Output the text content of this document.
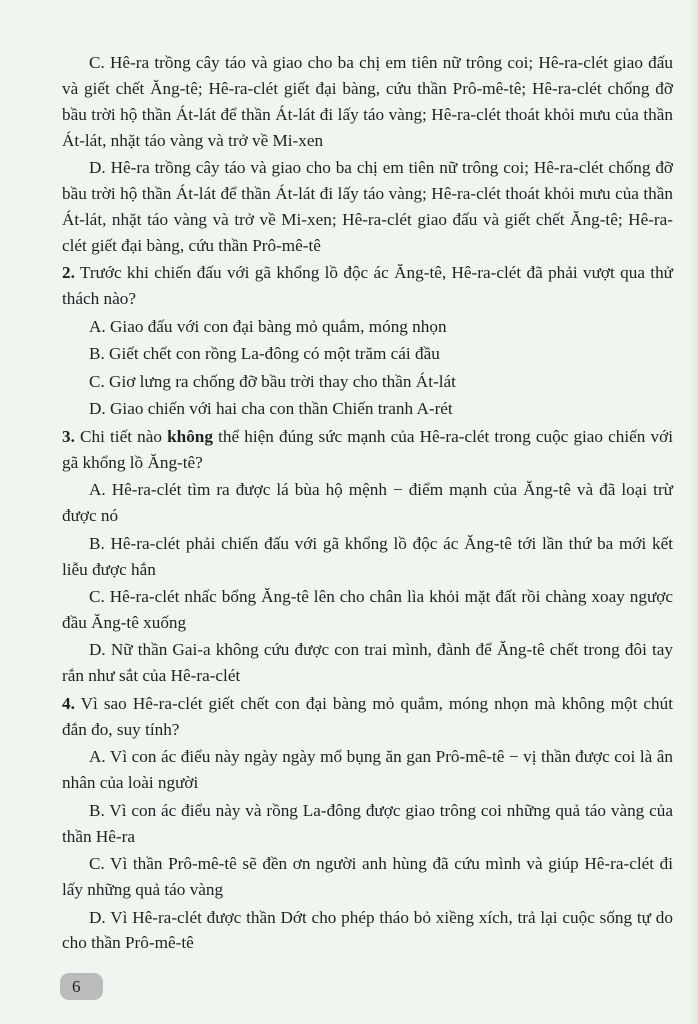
C. Hê-ra trồng cây táo và giao cho ba chị em tiên nữ trông coi; Hê-ra-clét giao đấu và giết chết Ăng-tê; Hê-ra-clét giết đại bàng, cứu thần Prô-mê-tê; Hê-ra-clét chống đỡ bầu trời hộ thần Át-lát để thần Át-lát đi lấy táo vàng; Hê-ra-clét thoát khỏi mưu của thần Át-lát, nhặt táo vàng và trở về Mi-xen

D. Hê-ra trồng cây táo và giao cho ba chị em tiên nữ trông coi; Hê-ra-clét chống đỡ bầu trời hộ thần Át-lát để thần Át-lát đi lấy táo vàng; Hê-ra-clét thoát khỏi mưu của thần Át-lát, nhặt táo vàng và trở về Mi-xen; Hê-ra-clét giao đấu và giết chết Ăng-tê; Hê-ra-clét giết đại bàng, cứu thần Prô-mê-tê

2. Trước khi chiến đấu với gã khổng lồ độc ác Ăng-tê, Hê-ra-clét đã phải vượt qua thử thách nào?

A. Giao đấu với con đại bàng mỏ quắm, móng nhọn

B. Giết chết con rồng La-đông có một trăm cái đầu

C. Giơ lưng ra chống đỡ bầu trời thay cho thần Át-lát

D. Giao chiến với hai cha con thần Chiến tranh A-rét

3. Chi tiết nào không thể hiện đúng sức mạnh của Hê-ra-clét trong cuộc giao chiến với gã khổng lồ Ăng-tê?

A. Hê-ra-clét tìm ra được lá bùa hộ mệnh − điểm mạnh của Ăng-tê và đã loại trừ được nó

B. Hê-ra-clét phải chiến đấu với gã khổng lồ độc ác Ăng-tê tới lần thứ ba mới kết liễu được hắn

C. Hê-ra-clét nhấc bổng Ăng-tê lên cho chân lìa khỏi mặt đất rồi chàng xoay ngược đầu Ăng-tê xuống

D. Nữ thần Gai-a không cứu được con trai mình, đành để Ăng-tê chết trong đôi tay rắn như sắt của Hê-ra-clét

4. Vì sao Hê-ra-clét giết chết con đại bàng mỏ quắm, móng nhọn mà không một chút đắn đo, suy tính?

A. Vì con ác điểu này ngày ngày mổ bụng ăn gan Prô-mê-tê − vị thần được coi là ân nhân của loài người

B. Vì con ác điểu này và rồng La-đông được giao trông coi những quả táo vàng của thần Hê-ra

C. Vì thần Prô-mê-tê sẽ đền ơn người anh hùng đã cứu mình và giúp Hê-ra-clét đi lấy những quả táo vàng

D. Vì Hê-ra-clét được thần Dớt cho phép tháo bỏ xiềng xích, trả lại cuộc sống tự do cho thần Prô-mê-tê

6
